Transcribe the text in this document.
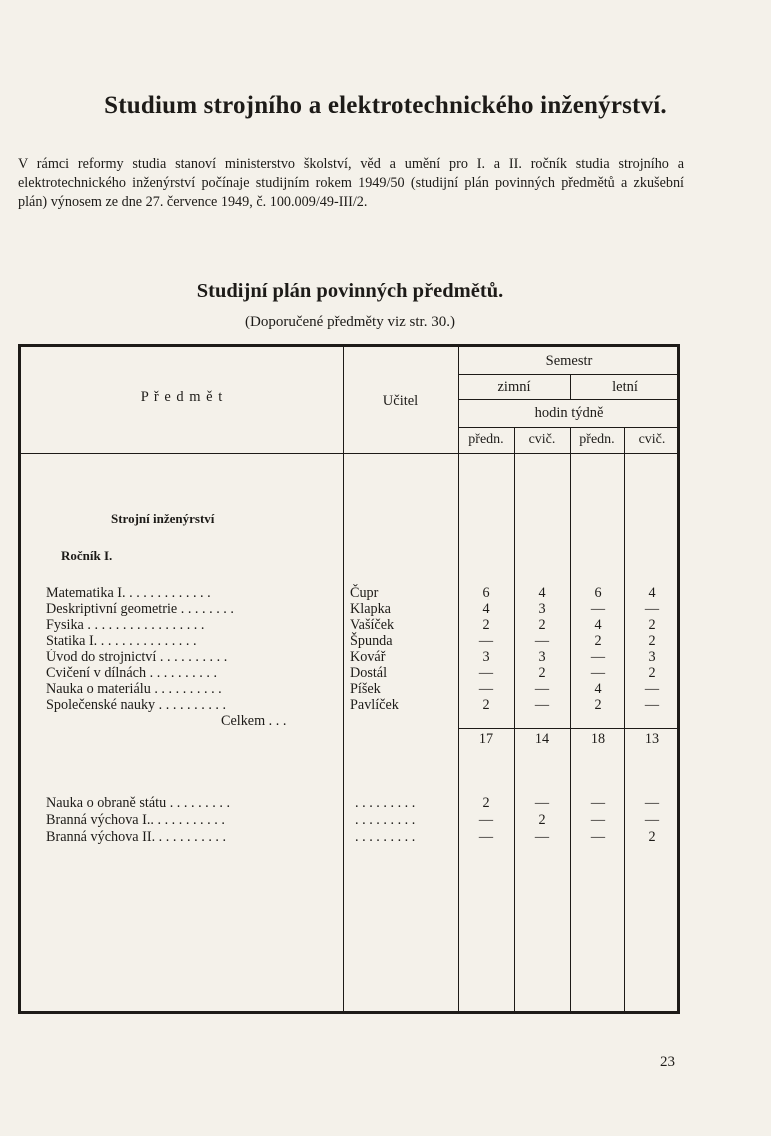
Studium strojního a elektrotechnického inženýrství.
V rámci reformy studia stanoví ministerstvo školství, věd a umění pro I. a II. ročník studia strojního a elektrotechnického inženýrství počínaje studijním rokem 1949/50 (studijní plán povinných předmětů a zkušební plán) výnosem ze dne 27. července 1949, č. 100.009/49-III/2.
Studijní plán povinných předmětů.
(Doporučené předměty viz str. 30.)
P ř e d m ě t	Učitel
Semestr
zimní	letní
hodin týdně
předn.	cvič.	předn.	cvič.
Strojní inženýrství
Ročník I.
Matematika I. . . . . . . . . . . . .	Čupr	6	4	6	4
Deskriptivní geometrie . . . . . . . .	Klapka	4	3	—	—
Fysika . . . . . . . . . . . . . . . . .	Vašíček	2	2	4	2
Statika I. . . . . . . . . . . . . . .	Špunda	—	—	2	2
Úvod do strojnictví . . . . . . . . . .	Kovář	3	3	—	3
Cvičení v dílnách . . . . . . . . . .	Dostál	—	2	—	2
Nauka o materiálu . . . . . . . . . .	Píšek	—	—	4	—
Společenské nauky . . . . . . . . . .	Pavlíček	2	—	2	—
Celkem . . .
17	14	18	13
Nauka o obraně státu . . . . . . . . .	. . . . . . . . .	2	—	—	—
Branná výchova I.. . . . . . . . . . .	. . . . . . . . .	—	2	—	—
Branná výchova II. . . . . . . . . . .	. . . . . . . . .	—	—	—	2
23
